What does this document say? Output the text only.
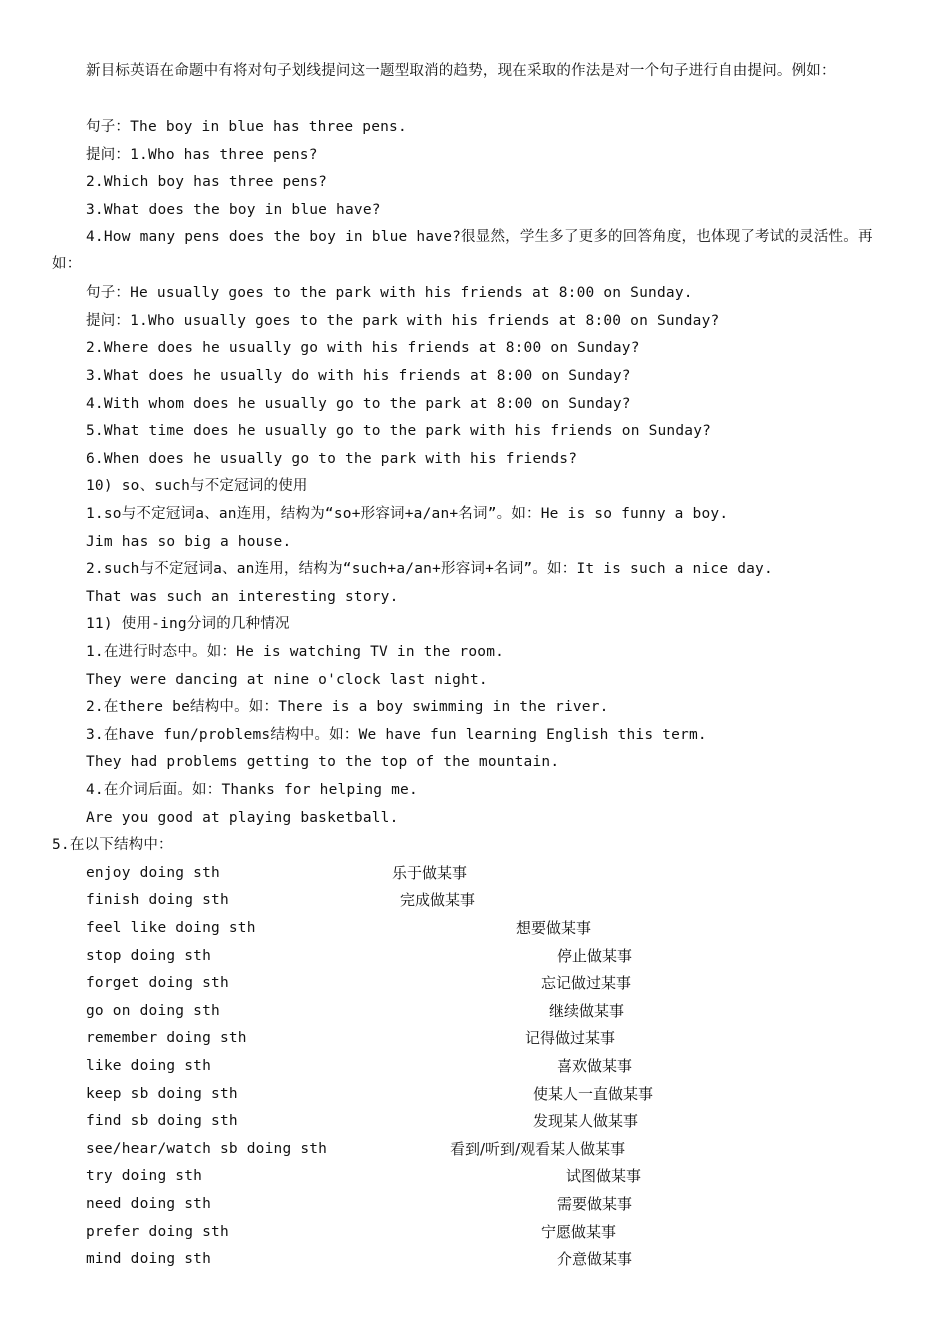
新目标英语在命题中有将对句子划线提问这一题型取消的趋势，现在采取的作法是对一个句子进行自由提问。例如：
句子：The boy in blue has three pens.
提问：1.Who has three pens?
2.Which boy has three pens?
3.What does the boy in blue have?
4.How many pens does the boy in blue have?很显然，学生多了更多的回答角度，也体现了考试的灵活性。再如：
句子：He usually goes to the park with his friends at 8:00 on Sunday.
提问：1.Who usually goes to the park with his friends at 8:00 on Sunday?
2.Where does he usually go with his friends at 8:00 on Sunday?
3.What does he usually do with his friends at 8:00 on Sunday?
4.With whom does he usually go to the park at 8:00 on Sunday?
5.What time does he usually go to the park with his friends on Sunday?
6.When does he usually go to the park with his friends?
10) so、such与不定冠词的使用
1.so与不定冠词a、an连用，结构为“so+形容词+a/an+名词”。如：He is so funny a boy.
Jim has so big a house.
2.such与不定冠词a、an连用，结构为“such+a/an+形容词+名词”。如：It is such a nice day.
That was such an interesting story.
11) 使用-ing分词的几种情况
1.在进行时态中。如：He is watching TV in the room.
They were dancing at nine o'clock last night.
2.在there be结构中。如：There is a boy swimming in the river.
3.在have fun/problems结构中。如：We have fun learning English this term.
They had problems getting to the top of the mountain.
4.在介词后面。如：Thanks for helping me.
Are you good at playing basketball.
5.在以下结构中：
enjoy doing sth	乐于做某事
finish doing sth	完成做某事
feel like doing sth	想要做某事
stop doing sth	停止做某事
forget doing sth	忘记做过某事
go on doing sth	继续做某事
remember doing sth	记得做过某事
like doing sth	喜欢做某事
keep sb doing sth	使某人一直做某事
find sb doing sth	发现某人做某事
see/hear/watch sb doing sth	看到/听到/观看某人做某事
try doing sth	试图做某事
need doing sth	需要做某事
prefer doing sth	宁愿做某事
mind doing sth	介意做某事
